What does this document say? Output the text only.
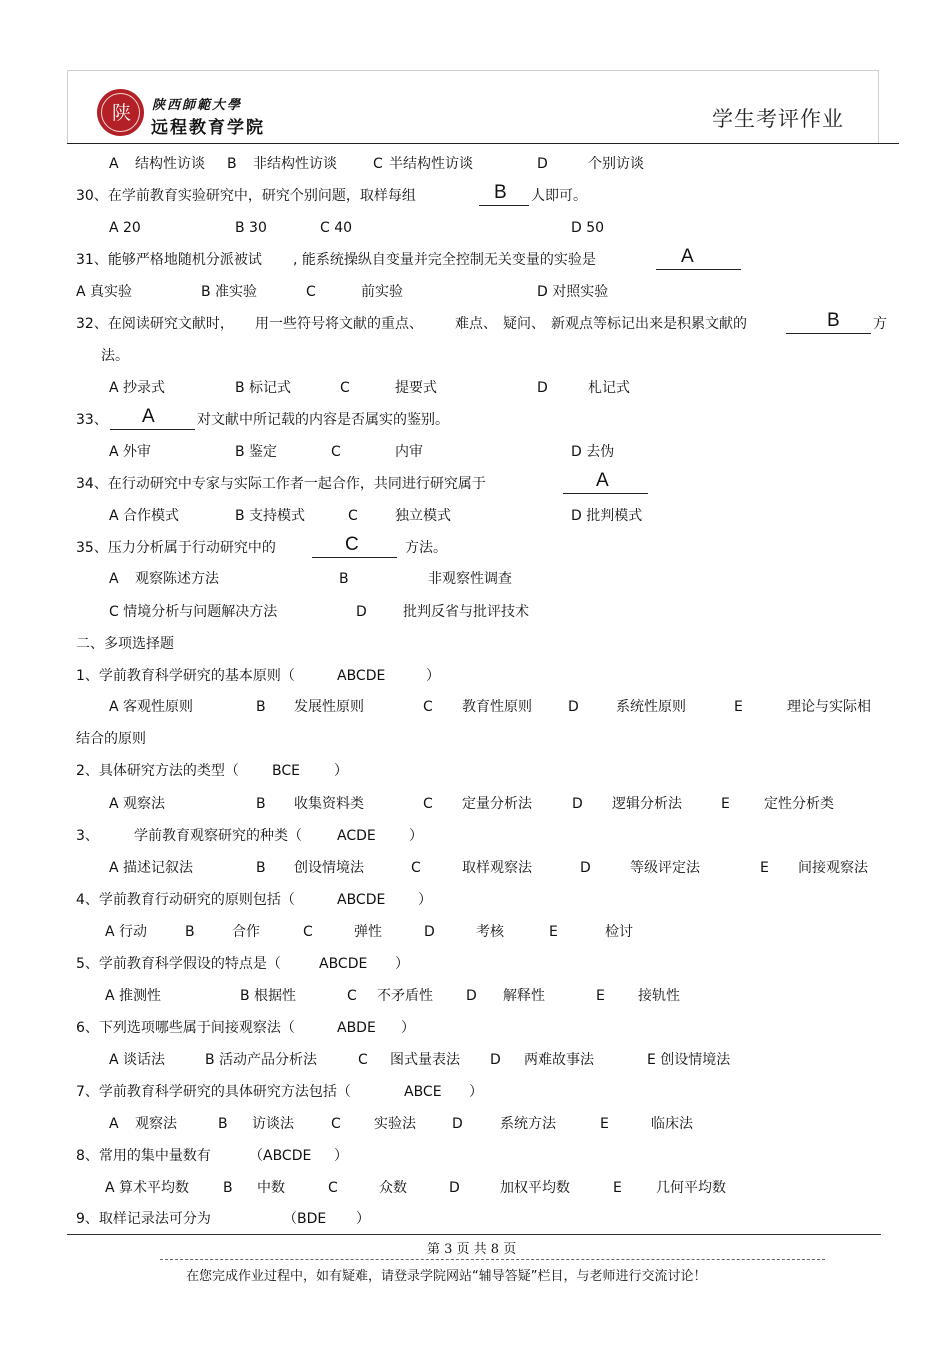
陕	陕西師範大學
远程教育学院	学生考评作业
A 结构性访谈 B 非结构性访谈	C 半结构性访谈	D	个别访谈
30、在学前教育实验研究中，研究个别问题，取样每组	人即可。
A 20	B 30	C 40	D 50
31、能够严格地随机分派被试 , 能系统操纵自变量并完全控制无关变量的实验是
A 真实验	B 准实验	C	前实验	D 对照实验
32、在阅读研究文献时， 用一些符号将文献的重点、 难点、 疑问、 新观点等标记出来是积累文献的	方
法。
A 抄录式	B 标记式	C	提要式	D	札记式
33、	对文献中所记载的内容是否属实的鉴别。
A 外审	B 鉴定	C	内审	D 去伪
34、在行动研究中专家与实际工作者一起合作，共同进行研究属于
A 合作模式	B 支持模式	C	独立模式	D 批判模式
35、压力分析属于行动研究中的	方法。
A 观察陈述方法	B	非观察性调查
C 情境分析与问题解决方法	D	批判反省与批评技术
二、多项选择题
1、学前教育科学研究的基本原则（	ABCDE	）
A 客观性原则	B 发展性原则	C 教育性原则	D	系统性原则	E	理论与实际相
结合的原则
2、具体研究方法的类型（ BCE ）
A 观察法	B 收集资料类	C 定量分析法	D 逻辑分析法	E 定性分析类
3、	学前教育观察研究的种类（	ACDE ）
A 描述记叙法	B 创设情境法	C	取样观察法	D	等级评定法	E 间接观察法
4、学前教育行动研究的原则包括（	ABCDE ）
A 行动	B	合作	C	弹性	D	考核	E	检讨
5、学前教育科学假设的特点是（	ABCDE ）
A 推测性	B 根据性	C 不矛盾性 D 解释性	E 接轨性
6、下列选项哪些属于间接观察法（	ABDE ）
A 谈话法	B 活动产品分析法	C 图式量表法 D 两难故事法	E 创设情境法
7、学前教育科学研究的具体研究方法包括（	ABCE ）
A 观察法	B 访谈法	C 实验法	D	系统方法	E	临床法
8、常用的集中量数有	（ABCDE ）
A 算术平均数 B 中数	C	众数	D	加权平均数	E 几何平均数
9、取样记录法可分为	（BDE ）
B
A
B
A
A
C
第 3 页 共 8 页
在您完成作业过程中，如有疑难，请登录学院网站“辅导答疑”栏目，与老师进行交流讨论！
